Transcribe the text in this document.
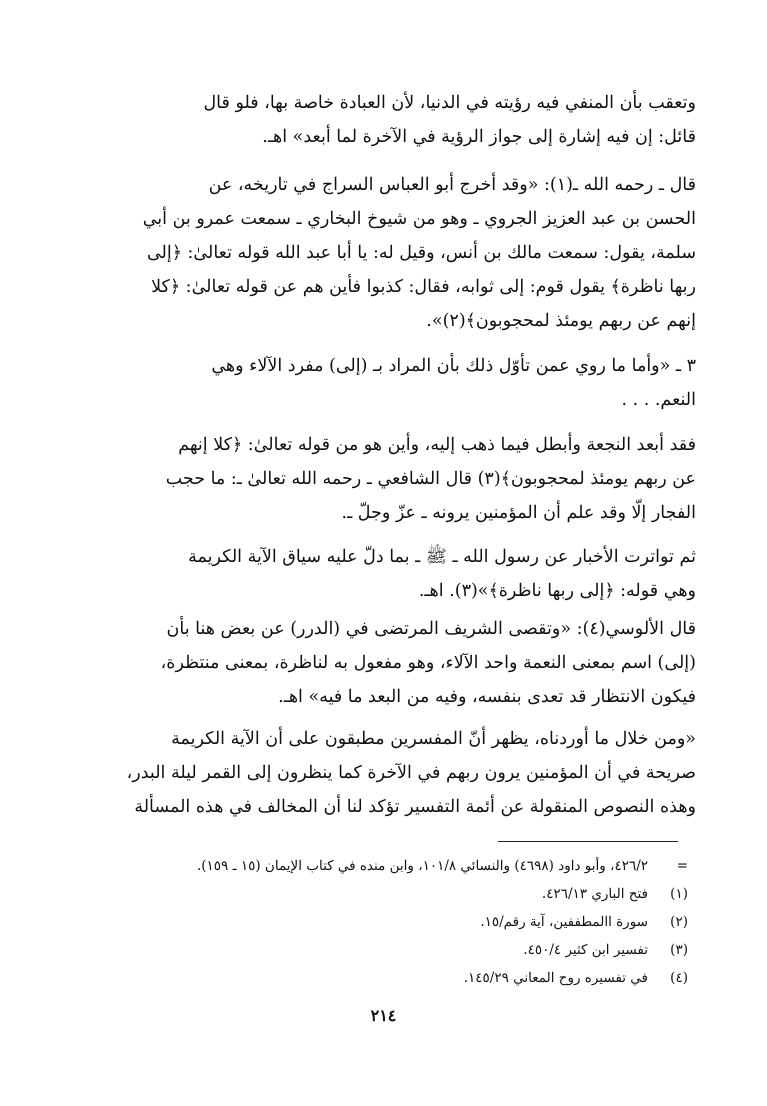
وتعقب بأن المنفي فيه رؤيته في الدنيا، لأن العبادة خاصة بها، فلو قال
قائل: إن فيه إشارة إلى جواز الرؤية في الآخرة لما أبعد» اهـ.
قال ـ رحمه الله ـ(١): «وقد أخرج أبو العباس السراج في تاريخه، عن
الحسن بن عبد العزيز الجروي ـ وهو من شيوخ البخاري ـ سمعت عمرو بن أبي
سلمة، يقول: سمعت مالك بن أنس، وقيل له: يا أبا عبد الله قوله تعالىٰ: ﴿إلى
ربها ناظرة﴾ يقول قوم: إلى ثوابه، فقال: كذبوا فأين هم عن قوله تعالىٰ: ﴿كلا
إنهم عن ربهم يومئذ لمحجوبون﴾(٢)».
٣ ـ «وأما ما روي عمن تأوّل ذلك بأن المراد بـ (إلى) مفرد الآلاء وهي
النعم. . . .
فقد أبعد النجعة وأبطل فيما ذهب إليه، وأين هو من قوله تعالىٰ: ﴿كلا إنهم
عن ربهم يومئذ لمحجوبون﴾(٣) قال الشافعي ـ رحمه الله تعالىٰ ـ: ما حجب
الفجار إلّا وقد علم أن المؤمنين يرونه ـ عزّ وجلّ ـ.
ثم تواترت الأخبار عن رسول الله ـ ﷺ ـ بما دلّ عليه سياق الآية الكريمة
وهي قوله: ﴿إلى ربها ناظرة﴾»(٣). اهـ.
قال الألوسي(٤): «وتقصى الشريف المرتضى في (الدرر) عن بعض هنا بأن
(إلى) اسم بمعنى النعمة واحد الآلاء، وهو مفعول به لناظرة، بمعنى منتظرة،
فيكون الانتظار قد تعدى بنفسه، وفيه من البعد ما فيه» اهـ.
«ومن خلال ما أوردناه، يظهر أنّ المفسرين مطبقون على أن الآية الكريمة
صريحة في أن المؤمنين يرون ربهم في الآخرة كما ينظرون إلى القمر ليلة البدر،
وهذه النصوص المنقولة عن أئمة التفسير تؤكد لنا أن المخالف في هذه المسألة
=٤٢٦/٢، وأبو داود (٤٦٩٨) والنسائي ١٠١/٨، وابن منده في كتاب الإيمان (١٥ ـ ١٥٩).
(١)فتح الباري ٤٢٦/١٣.
(٢)سورة االمطففين، آية رقم/١٥.
(٣)تفسير ابن كثير ٤٥٠/٤.
(٤)في تفسيره روح المعاني ١٤٥/٢٩.
٢١٤
